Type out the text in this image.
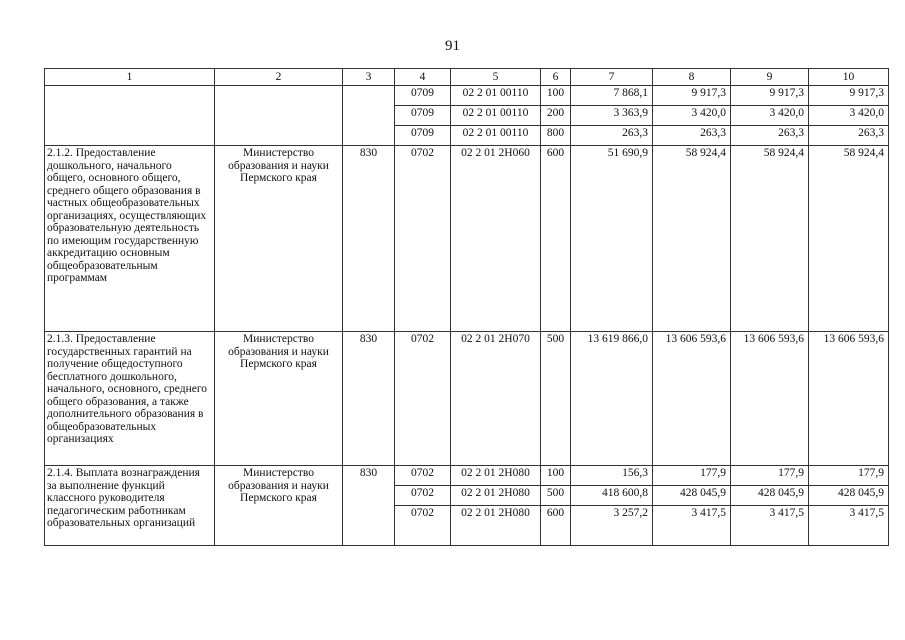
91
1	2	3	4	5	6	7	8	9	10
			0709	02 2 01 00110	100	7 868,1	9 917,3	9 917,3	9 917,3
			0709	02 2 01 00110	200	3 363,9	3 420,0	3 420,0	3 420,0
			0709	02 2 01 00110	800	263,3	263,3	263,3	263,3
2.1.2. Предоставление дошкольного, начального общего, основного общего, среднего общего образования в частных общеобразовательных организациях, осуществляющих образовательную деятельность по имеющим государственную аккредитацию основным общеобразовательным программам	Министерство образования и науки Пермского края	830	0702	02 2 01 2Н060	600	51 690,9	58 924,4	58 924,4	58 924,4
2.1.3. Предоставление государственных гарантий на получение общедоступного бесплатного дошкольного, начального, основного, среднего общего образования, а также дополнительного образования в общеобразовательных организациях	Министерство образования и науки Пермского края	830	0702	02 2 01 2Н070	500	13 619 866,0	13 606 593,6	13 606 593,6	13 606 593,6
2.1.4. Выплата вознаграждения за выполнение функций классного руководителя педагогическим работникам образовательных организаций	Министерство образования и науки Пермского края	830	0702	02 2 01 2Н080	100	156,3	177,9	177,9	177,9
			0702	02 2 01 2Н080	500	418 600,8	428 045,9	428 045,9	428 045,9
			0702	02 2 01 2Н080	600	3 257,2	3 417,5	3 417,5	3 417,5
